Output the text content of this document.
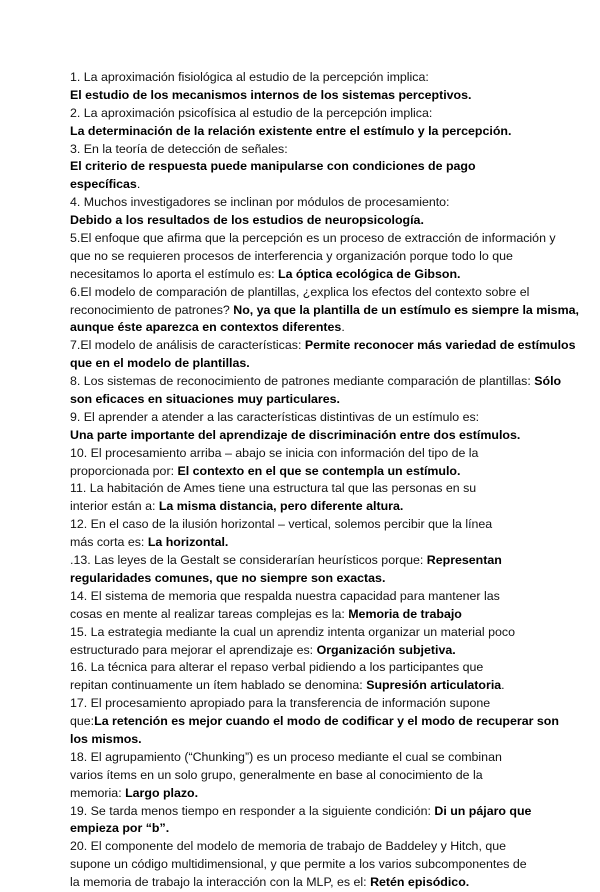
1. La aproximación fisiológica al estudio de la percepción implica:
El estudio de los mecanismos internos de los sistemas perceptivos.
2. La aproximación psicofísica al estudio de la percepción implica:
La determinación de la relación existente entre el estímulo y la percepción.
3. En la teoría de detección de señales:
El criterio de respuesta puede manipularse con condiciones de pago
específicas.
4. Muchos investigadores se inclinan por módulos de procesamiento:
Debido a los resultados de los estudios de neuropsicología.
5.El enfoque que afirma que la percepción es un proceso de extracción de información y
que no se requieren procesos de interferencia y organización porque todo lo que
necesitamos lo aporta el estímulo es: La óptica ecológica de Gibson.
6.El modelo de comparación de plantillas, ¿explica los efectos del contexto sobre el
reconocimiento de patrones? No, ya que la plantilla de un estímulo es siempre la misma,
aunque éste aparezca en contextos diferentes.
7.El modelo de análisis de características: Permite reconocer más variedad de estímulos
que en el modelo de plantillas.
8. Los sistemas de reconocimiento de patrones mediante comparación de plantillas: Sólo
son eficaces en situaciones muy particulares.
9. El aprender a atender a las características distintivas de un estímulo es:
Una parte importante del aprendizaje de discriminación entre dos estímulos.
10. El procesamiento arriba – abajo se inicia con información del tipo de la
proporcionada por: El contexto en el que se contempla un estímulo.
11. La habitación de Ames tiene una estructura tal que las personas en su
interior están a: La misma distancia, pero diferente altura.
12. En el caso de la ilusión horizontal – vertical, solemos percibir que la línea
más corta es: La horizontal.
.13. Las leyes de la Gestalt se considerarían heurísticos porque: Representan
regularidades comunes, que no siempre son exactas.
14. El sistema de memoria que respalda nuestra capacidad para mantener las
cosas en mente al realizar tareas complejas es la: Memoria de trabajo
15. La estrategia mediante la cual un aprendiz intenta organizar un material poco
estructurado para mejorar el aprendizaje es: Organización subjetiva.
16. La técnica para alterar el repaso verbal pidiendo a los participantes que
repitan continuamente un ítem hablado se denomina: Supresión articulatoria.
17. El procesamiento apropiado para la transferencia de información supone
que:La retención es mejor cuando el modo de codificar y el modo de recuperar son
los mismos.
18. El agrupamiento (“Chunking”) es un proceso mediante el cual se combinan
varios ítems en un solo grupo, generalmente en base al conocimiento de la
memoria: Largo plazo.
19. Se tarda menos tiempo en responder a la siguiente condición: Di un pájaro que
empieza por “b”.
20. El componente del modelo de memoria de trabajo de Baddeley y Hitch, que
supone un código multidimensional, y que permite a los varios subcomponentes de
la memoria de trabajo la interacción con la MLP, es el: Retén episódico.
